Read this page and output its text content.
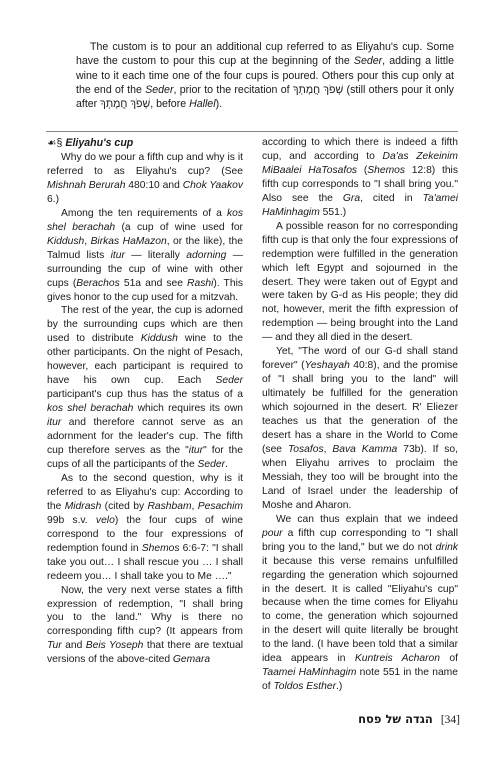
The custom is to pour an additional cup referred to as Eliyahu's cup. Some have the custom to pour this cup at the beginning of the Seder, adding a little wine to it each time one of the four cups is poured. Others pour this cup only at the end of the Seder, prior to the recitation of שְׁפֹךְ חֲמָתְךָ (still others pour it only after שְׁפֹךְ חֲמָתְךָ, before Hallel).
☙§ Eliyahu's cup

Why do we pour a fifth cup and why is it referred to as Eliyahu's cup? (See Mishnah Berurah 480:10 and Chok Yaakov 6.)

Among the ten requirements of a kos shel berachah (a cup of wine used for Kiddush, Birkas HaMazon, or the like), the Talmud lists itur — literally adorning — surrounding the cup of wine with other cups (Berachos 51a and see Rashi). This gives honor to the cup used for a mitzvah.

The rest of the year, the cup is adorned by the surrounding cups which are then used to distribute Kiddush wine to the other participants. On the night of Pesach, however, each participant is required to have his own cup. Each Seder participant's cup thus has the status of a kos shel berachah which requires its own itur and therefore cannot serve as an adornment for the leader's cup. The fifth cup therefore serves as the "itur" for the cups of all the participants of the Seder.

As to the second question, why is it referred to as Eliyahu's cup: According to the Midrash (cited by Rashbam, Pesachim 99b s.v. velo) the four cups of wine correspond to the four expressions of redemption found in Shemos 6:6-7: "I shall take you out… I shall rescue you … I shall redeem you… I shall take you to Me …."

Now, the very next verse states a fifth expression of redemption, "I shall bring you to the land." Why is there no corresponding fifth cup? (It appears from Tur and Beis Yoseph that there are textual versions of the above-cited Gemara

according to which there is indeed a fifth cup, and according to Da'as Zekeinim MiBaalei HaTosafos (Shemos 12:8) this fifth cup corresponds to "I shall bring you." Also see the Gra, cited in Ta'amei HaMinhagim 551.)

A possible reason for no corresponding fifth cup is that only the four expressions of redemption were fulfilled in the generation which left Egypt and sojourned in the desert. They were taken out of Egypt and were taken by G-d as His people; they did not, however, merit the fifth expression of redemption — being brought into the Land — and they all died in the desert.

Yet, "The word of our G-d shall stand forever" (Yeshayah 40:8), and the promise of "I shall bring you to the land" will ultimately be fulfilled for the generation which sojourned in the desert. R' Eliezer teaches us that the generation of the desert has a share in the World to Come (see Tosafos, Bava Kamma 73b). If so, when Eliyahu arrives to proclaim the Messiah, they too will be brought into the Land of Israel under the leadership of Moshe and Aharon.

We can thus explain that we indeed pour a fifth cup corresponding to "I shall bring you to the land," but we do not drink it because this verse remains unfulfilled regarding the generation which sojourned in the desert. It is called "Eliyahu's cup" because when the time comes for Eliyahu to come, the generation which sojourned in the desert will quite literally be brought to the land. (I have been told that a similar idea appears in Kuntreis Acharon of Taamei HaMinhagim note 551 in the name of Toldos Esther.)

הגדה של פסח [34]
